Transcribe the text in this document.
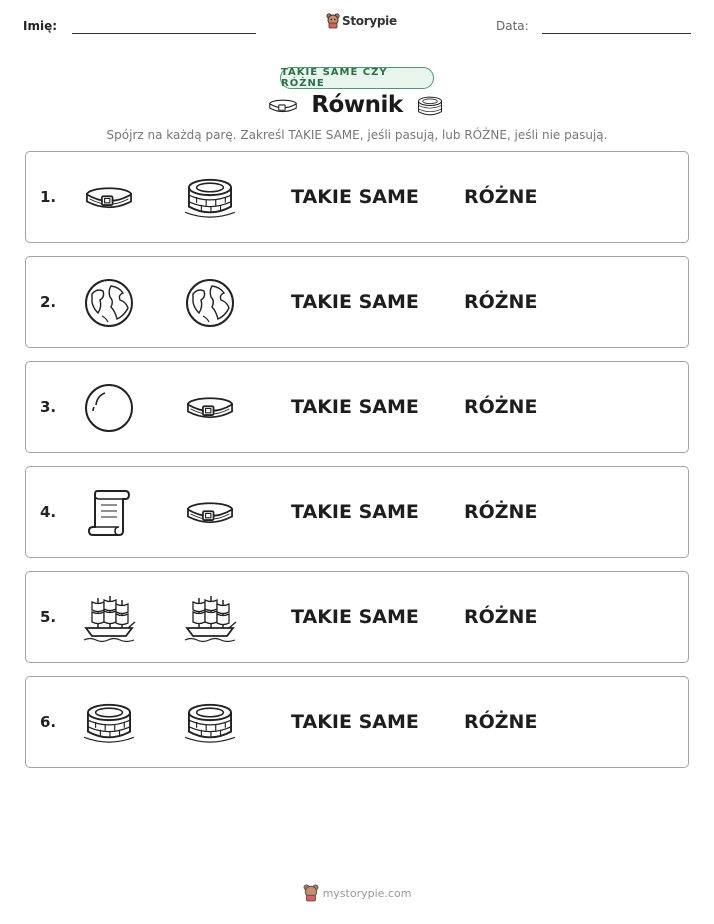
Imię:	Storypie	Data:
TAKIE SAME CZY RÓŻNE
Równik
Spójrz na każdą parę. Zakreśl TAKIE SAME, jeśli pasują, lub RÓŻNE, jeśli nie pasują.
1.	TAKIE SAME RÓŻNE
2.	TAKIE SAME RÓŻNE
3.	TAKIE SAME RÓŻNE
4.	TAKIE SAME RÓŻNE
5.	TAKIE SAME RÓŻNE
6.	TAKIE SAME RÓŻNE
mystorypie.com
